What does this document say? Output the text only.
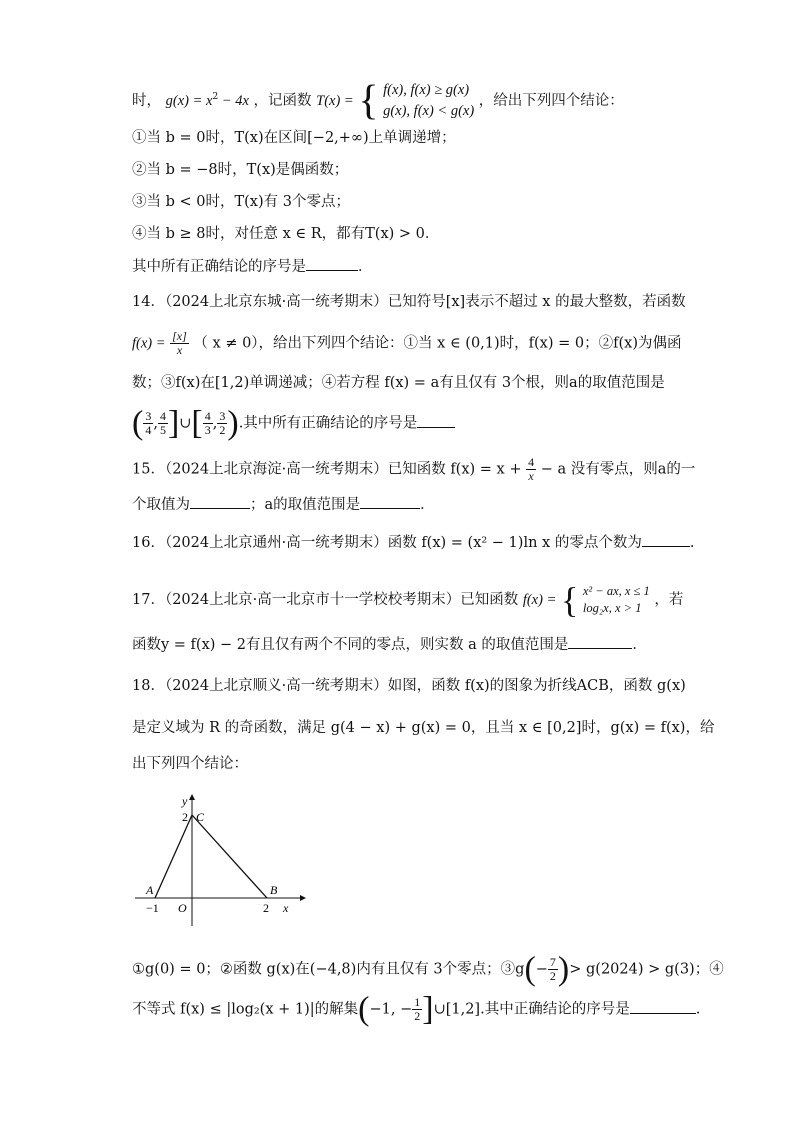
时， $g(x) = x^2 - 4x$ ，记函数 T(x) = { f(x), f(x) ≥ g(x)
g(x), f(x) < g(x)
，给出下列四个结论：
①当 b = 0时，T(x)在区间[−2,+∞)上单调递增；
②当 b = −8时，T(x)是偶函数；
③当 b < 0时，T(x)有 3个零点；
④当 b ≥ 8时，对任意 x ∈ R，都有T(x) > 0．
其中所有正确结论的序号是	．
14．（2024上北京东城·高一统考期末）已知符号[x]表示不超过 x 的最大整数，若函数
$f(x) = \frac{[x]}{x}$ （ x ≠ 0），给出下列四个结论：①当 x ∈ (0,1)时，f(x) = 0；②f(x)为偶函
数；③f(x)在[1,2)单调递减；④若方程 f(x) = a有且仅有 3个根，则a的取值范围是
( $\frac{3}{4}$ , $\frac{4}{5}$ ]∪[ $\frac{4}{3}$ , $\frac{3}{2}$ ).其中所有正确结论的序号是
15．（2024上北京海淀·高一统考期末）已知函数 $f(x) = x + \frac{4}{x} - a$ 没有零点，则a的一
个取值为	；a的取值范围是	．
16．（2024上北京通州·高一统考期末）函数 f(x) = (x² − 1)ln x 的零点个数为	.
17．（2024上北京·高一北京市十一学校校考期末）已知函数 f(x) = { x² − ax, x ≤ 1
log₂x, x > 1 ，若
函数y = f(x) − 2有且仅有两个不同的零点，则实数 a 的取值范围是	．
18．（2024上北京顺义·高一统考期末）如图，函数 f(x)的图象为折线ACB，函数 g(x)
是定义域为 R 的奇函数，满足 g(4 − x) + g(x) = 0，且当 x ∈ [0,2]时，g(x) = f(x)，给
出下列四个结论：
y
x
O
A	B
C
−1	2
2
①g(0) = 0；②函数 g(x)在(−4,8)内有且仅有 3个零点；③g(− $\frac{7}{2}$ )> g(2024) > g(3)；④
不等式 f(x) ≤ |log₂(x + 1)|的解集(−1, − $\frac{1}{2}$ ]∪[1,2].其中正确结论的序号是	.
